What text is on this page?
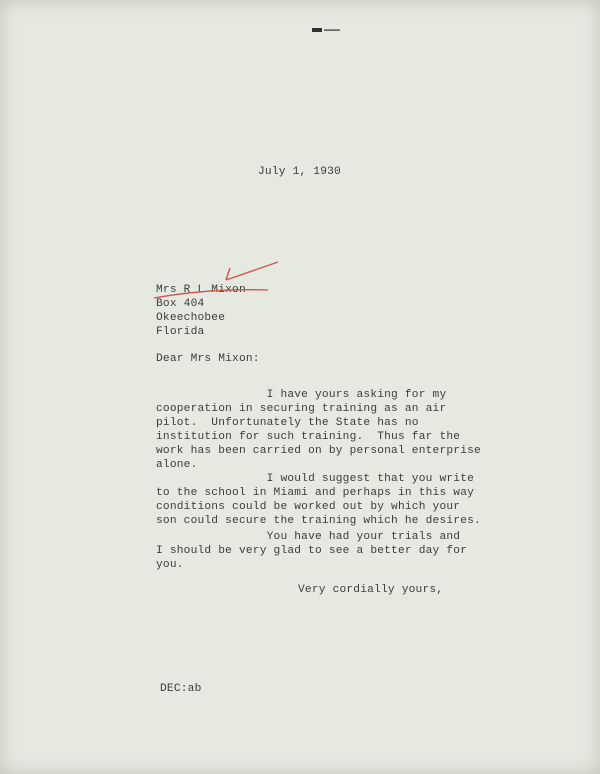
July 1, 1930
Mrs R L Mixon
Box 404
Okeechobee
Florida
Dear Mrs Mixon:
I have yours asking for my
cooperation in securing training as an air
pilot.  Unfortunately the State has no
institution for such training.  Thus far the
work has been carried on by personal enterprise
alone.
I would suggest that you write
to the school in Miami and perhaps in this way
conditions could be worked out by which your
son could secure the training which he desires.
You have had your trials and
I should be very glad to see a better day for
you.
Very cordially yours,
DEC:ab
